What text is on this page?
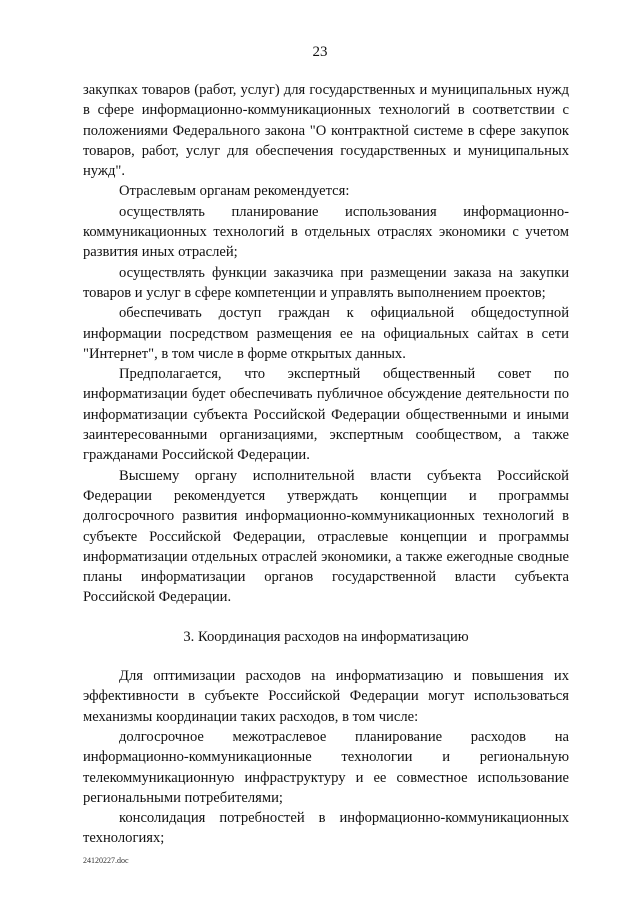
23

закупках товаров (работ, услуг) для государственных и муниципальных нужд в сфере информационно-коммуникационных технологий в соответствии с положениями Федерального закона "О контрактной системе в сфере закупок товаров, работ, услуг для обеспечения государственных и муниципальных нужд".

Отраслевым органам рекомендуется:

осуществлять планирование использования информационно-коммуникационных технологий в отдельных отраслях экономики с учетом развития иных отраслей;

осуществлять функции заказчика при размещении заказа на закупки товаров и услуг в сфере компетенции и управлять выполнением проектов;

обеспечивать доступ граждан к официальной общедоступной информации посредством размещения ее на официальных сайтах в сети "Интернет", в том числе в форме открытых данных.

Предполагается, что экспертный общественный совет по информатизации будет обеспечивать публичное обсуждение деятельности по информатизации субъекта Российской Федерации общественными и иными заинтересованными организациями, экспертным сообществом, а также гражданами Российской Федерации.

Высшему органу исполнительной власти субъекта Российской Федерации рекомендуется утверждать концепции и программы долгосрочного развития информационно-коммуникационных технологий в субъекте Российской Федерации, отраслевые концепции и программы информатизации отдельных отраслей экономики, а также ежегодные сводные планы информатизации органов государственной власти субъекта Российской Федерации.

3. Координация расходов на информатизацию

Для оптимизации расходов на информатизацию и повышения их эффективности в субъекте Российской Федерации могут использоваться механизмы координации таких расходов, в том числе:

долгосрочное межотраслевое планирование расходов на информационно-коммуникационные технологии и региональную телекоммуникационную инфраструктуру и ее совместное использование региональными потребителями;

консолидация потребностей в информационно-коммуникационных технологиях;

24120227.doc
